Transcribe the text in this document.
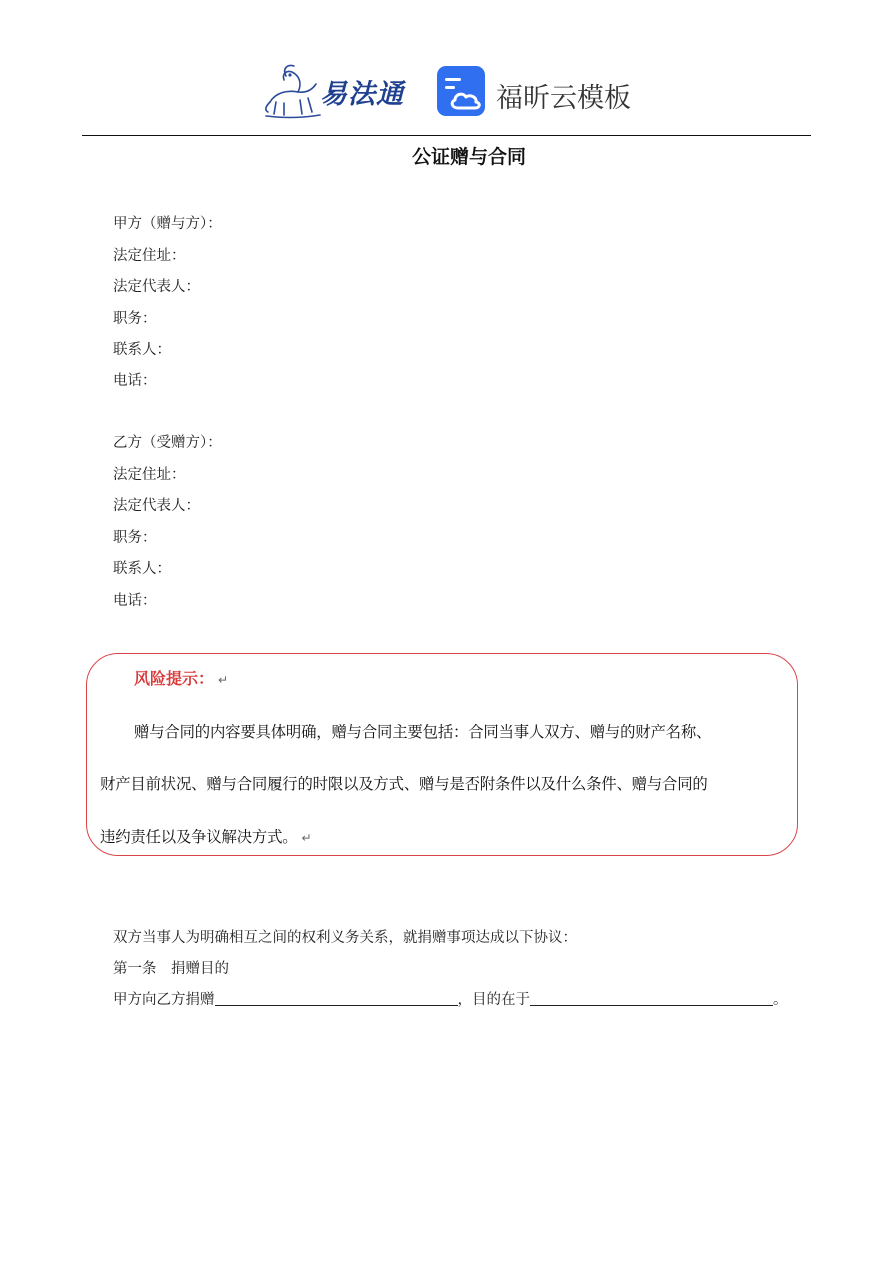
易法通	福昕云模板
公证赠与合同
甲方（赠与方）：
法定住址：
法定代表人：
职务：
联系人：
电话：
乙方（受赠方）：
法定住址：
法定代表人：
职务：
联系人：
电话：
风险提示： ↵
赠与合同的内容要具体明确，赠与合同主要包括：合同当事人双方、赠与的财产名称、
财产目前状况、赠与合同履行的时限以及方式、赠与是否附条件以及什么条件、赠与合同的
违约责任以及争议解决方式。 ↵
双方当事人为明确相互之间的权利义务关系，就捐赠事项达成以下协议：
第一条　捐赠目的
甲方向乙方捐赠	，目的在于	。
